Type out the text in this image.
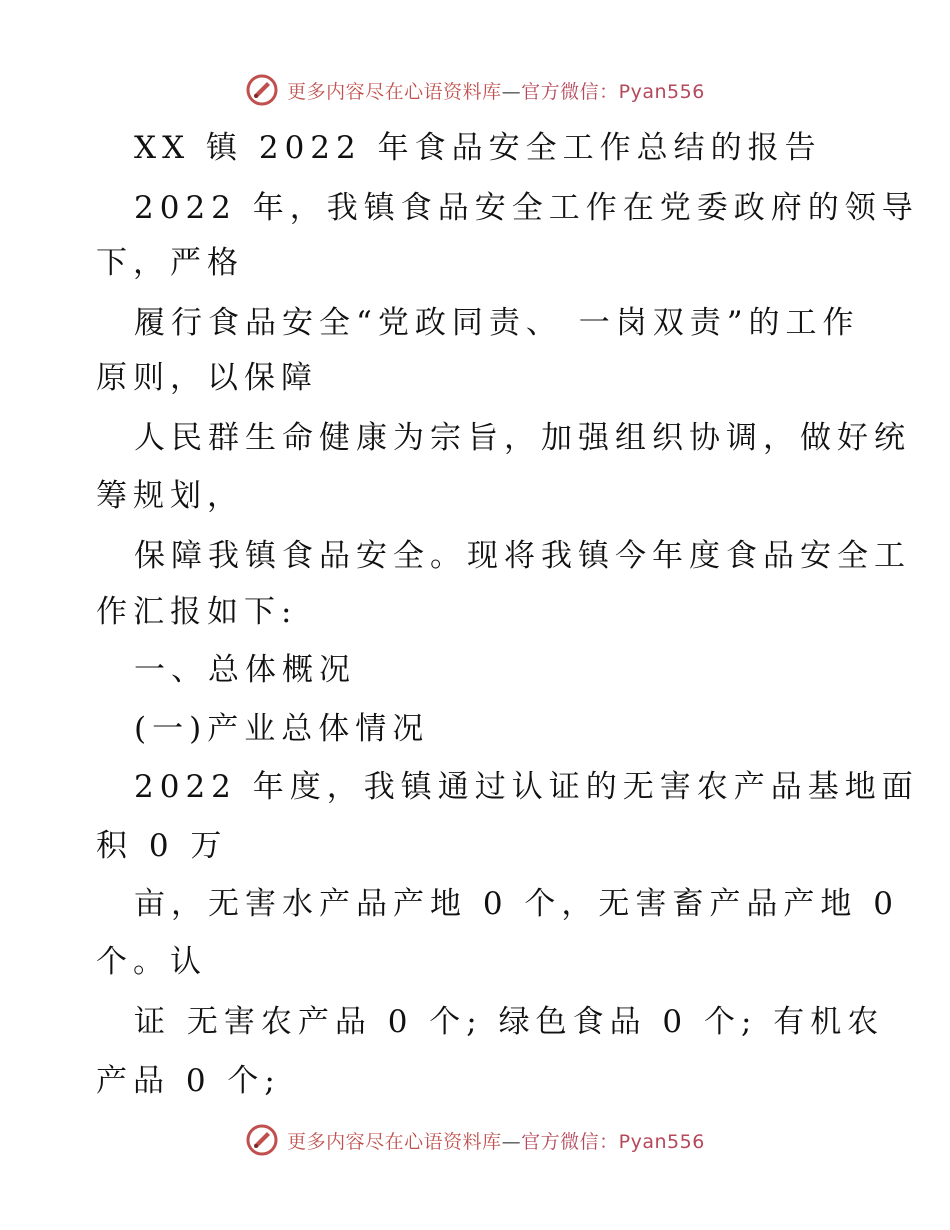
更多内容尽在心语资料库—官方微信：Pyan556
XX 镇 2022 年食品安全工作总结的报告
2022 年，我镇食品安全工作在党委政府的领导
下，严格
履行食品安全“党政同责、 一岗双责”的工作
原则，以保障
人民群生命健康为宗旨，加强组织协调，做好统
筹规划，
保障我镇食品安全。现将我镇今年度食品安全工
作汇报如下:
一、总体概况
(一)产业总体情况
2022 年度，我镇通过认证的无害农产品基地面
积 0 万
亩，无害水产品产地 0 个，无害畜产品产地 0
个。认
证 无害农产品 0 个; 绿色食品 0 个; 有机农
产品 0 个;
更多内容尽在心语资料库—官方微信：Pyan556
